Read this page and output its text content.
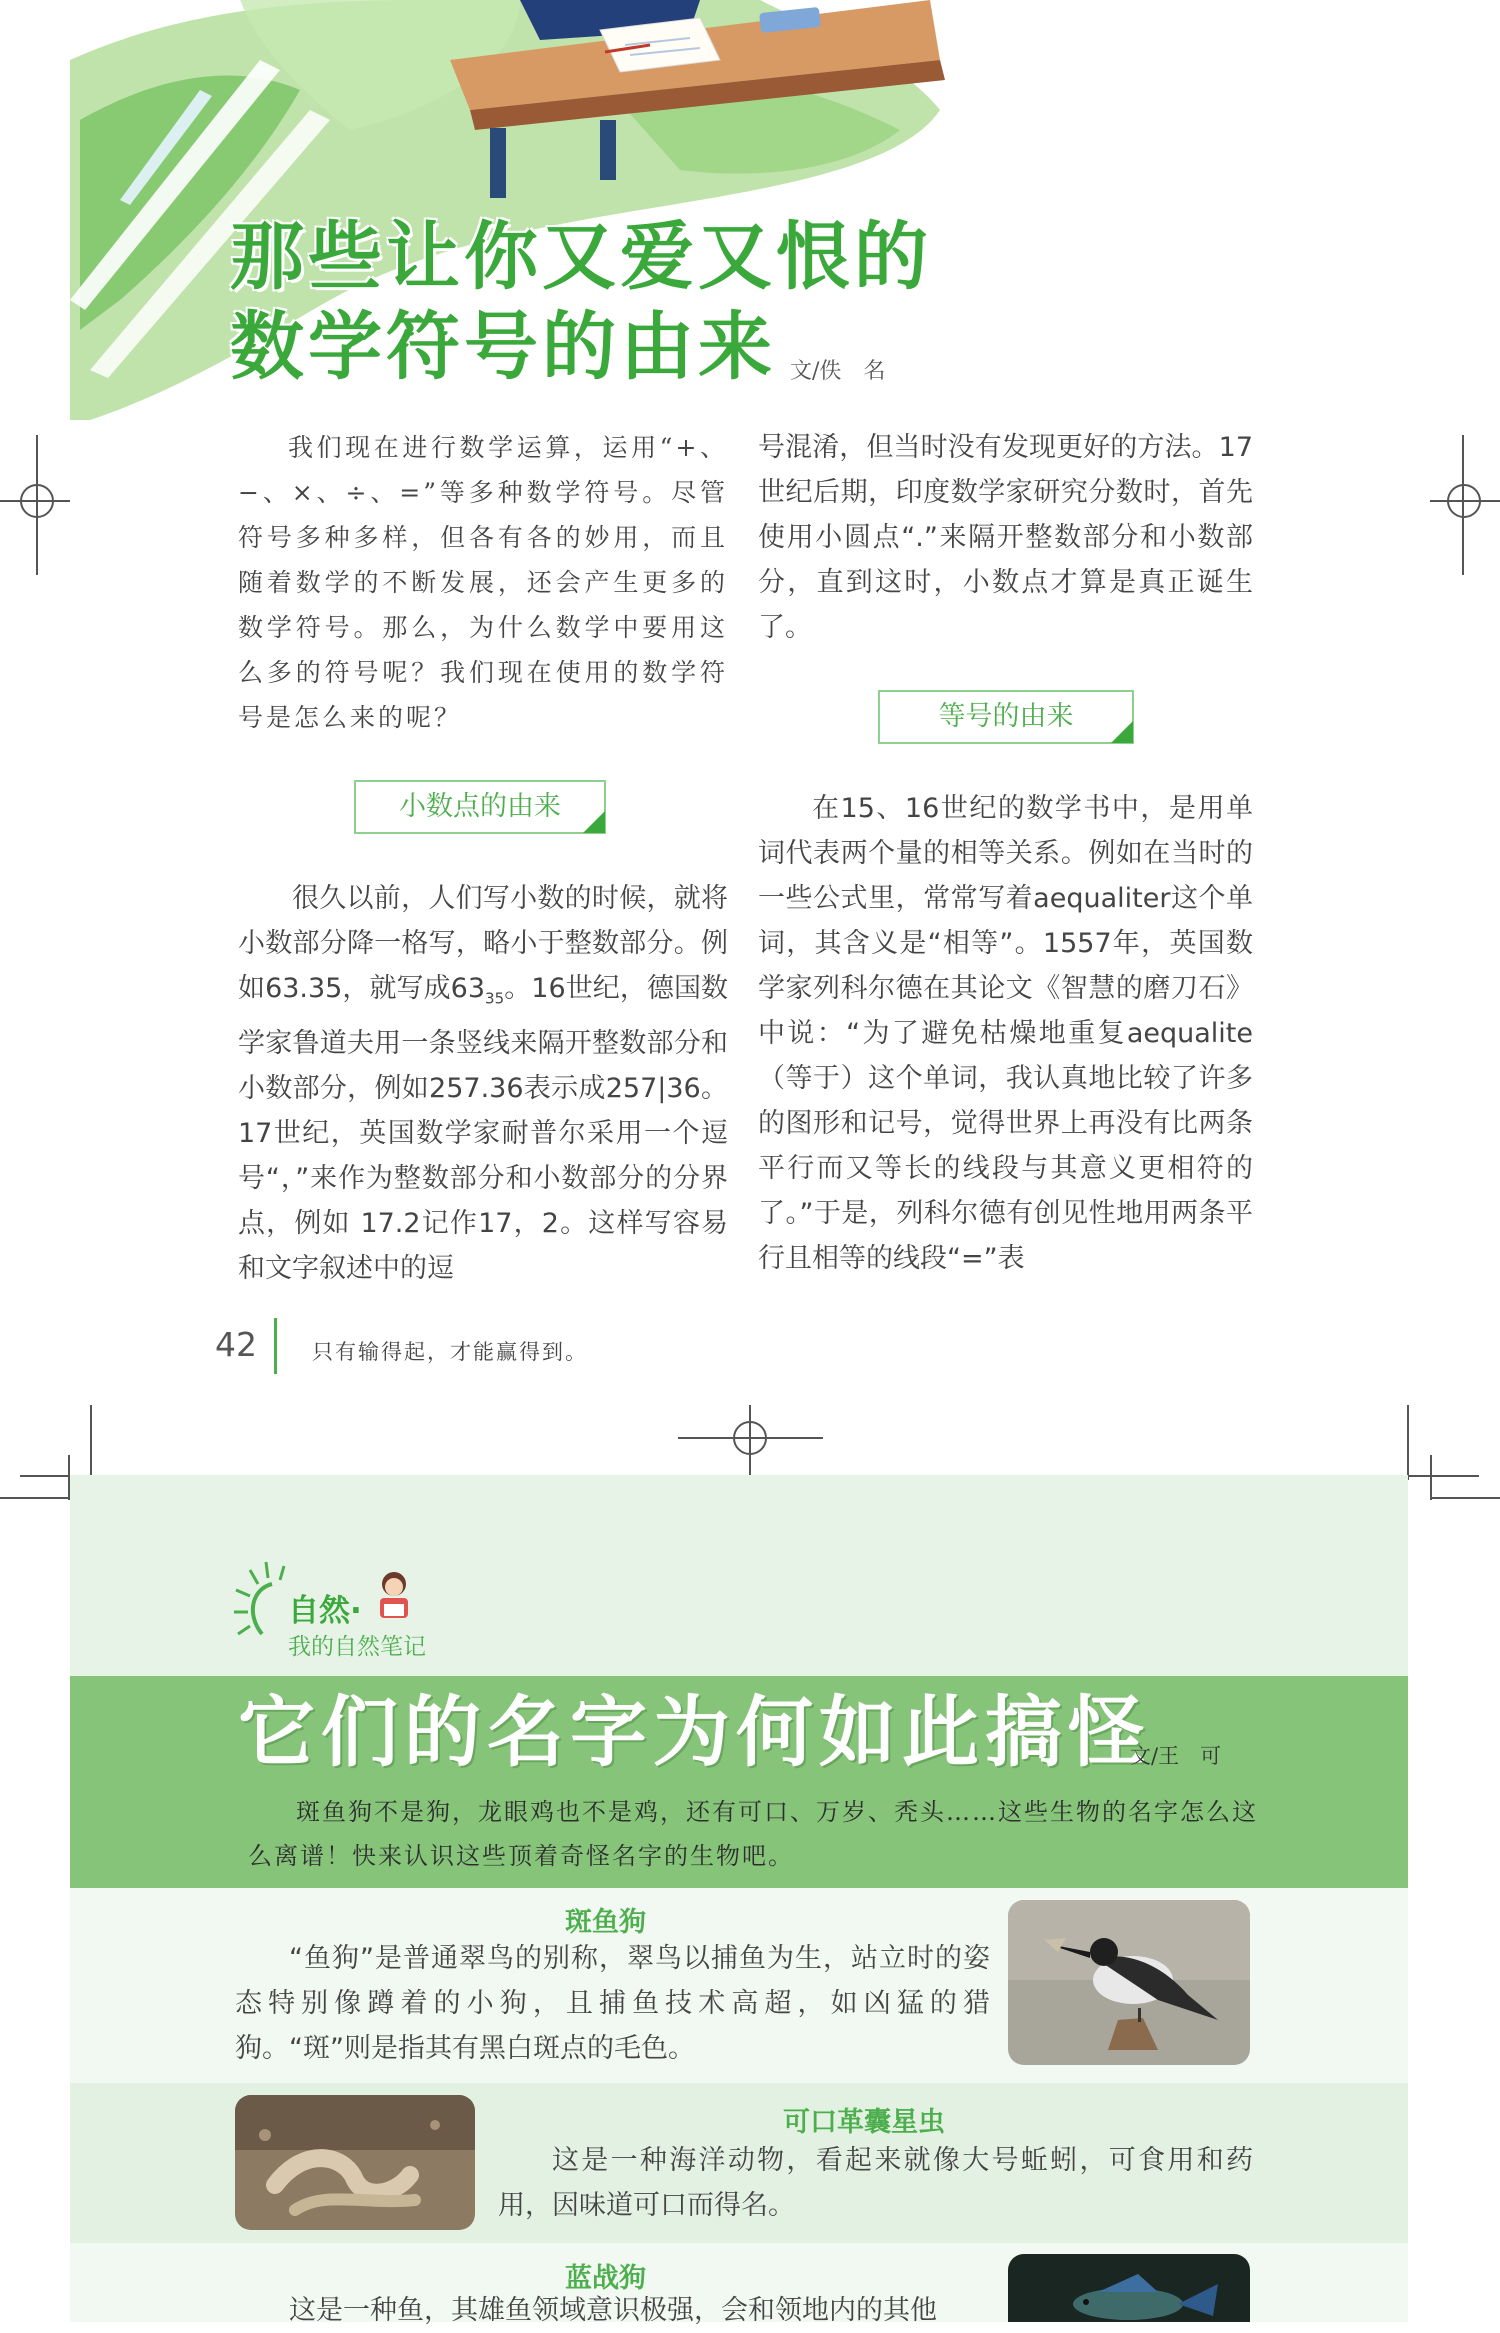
那些让你又爱又恨的
数学符号的由来 文/佚　名

我们现在进行数学运算，运用“+、−、×、÷、=”等多种数学符号。尽管符号多种多样，但各有各的妙用，而且随着数学的不断发展，还会产生更多的数学符号。那么，为什么数学中要用这么多的符号呢？我们现在使用的数学符号是怎么来的呢？

小数点的由来

很久以前，人们写小数的时候，就将小数部分降一格写，略小于整数部分。例如63.35，就写成$63_{35}$。16世纪，德国数学家鲁道夫用一条竖线来隔开整数部分和小数部分，例如257.36表示成257|36。17世纪，英国数学家耐普尔采用一个逗号“，”来作为整数部分和小数部分的分界点，例如 17.2记作17，2。这样写容易和文字叙述中的逗

号混淆，但当时没有发现更好的方法。17世纪后期，印度数学家研究分数时，首先使用小圆点“.”来隔开整数部分和小数部分，直到这时，小数点才算是真正诞生了。

等号的由来

在15、16世纪的数学书中，是用单词代表两个量的相等关系。例如在当时的一些公式里，常常写着aequaliter这个单词，其含义是“相等”。1557年，英国数学家列科尔德在其论文《智慧的磨刀石》中说：“为了避免枯燥地重复aequalite（等于）这个单词，我认真地比较了许多的图形和记号，觉得世界上再没有比两条平行而又等长的线段与其意义更相符的了。”于是，列科尔德有创见性地用两条平行且相等的线段“=”表

42	只有输得起，才能赢得到。
自然·
我的自然笔记
它们的名字为何如此搞怪
文/王　可

斑鱼狗不是狗，龙眼鸡也不是鸡，还有可口、万岁、秃头……这些生物的名字怎么这么离谱！快来认识这些顶着奇怪名字的生物吧。

斑鱼狗

“鱼狗”是普通翠鸟的别称，翠鸟以捕鱼为生，站立时的姿态特别像蹲着的小狗，且捕鱼技术高超，如凶猛的猎狗。“斑”则是指其有黑白斑点的毛色。

可口革囊星虫

这是一种海洋动物，看起来就像大号蚯蚓，可食用和药用，因味道可口而得名。

蓝战狗

这是一种鱼，其雄鱼领域意识极强，会和领地内的其他
